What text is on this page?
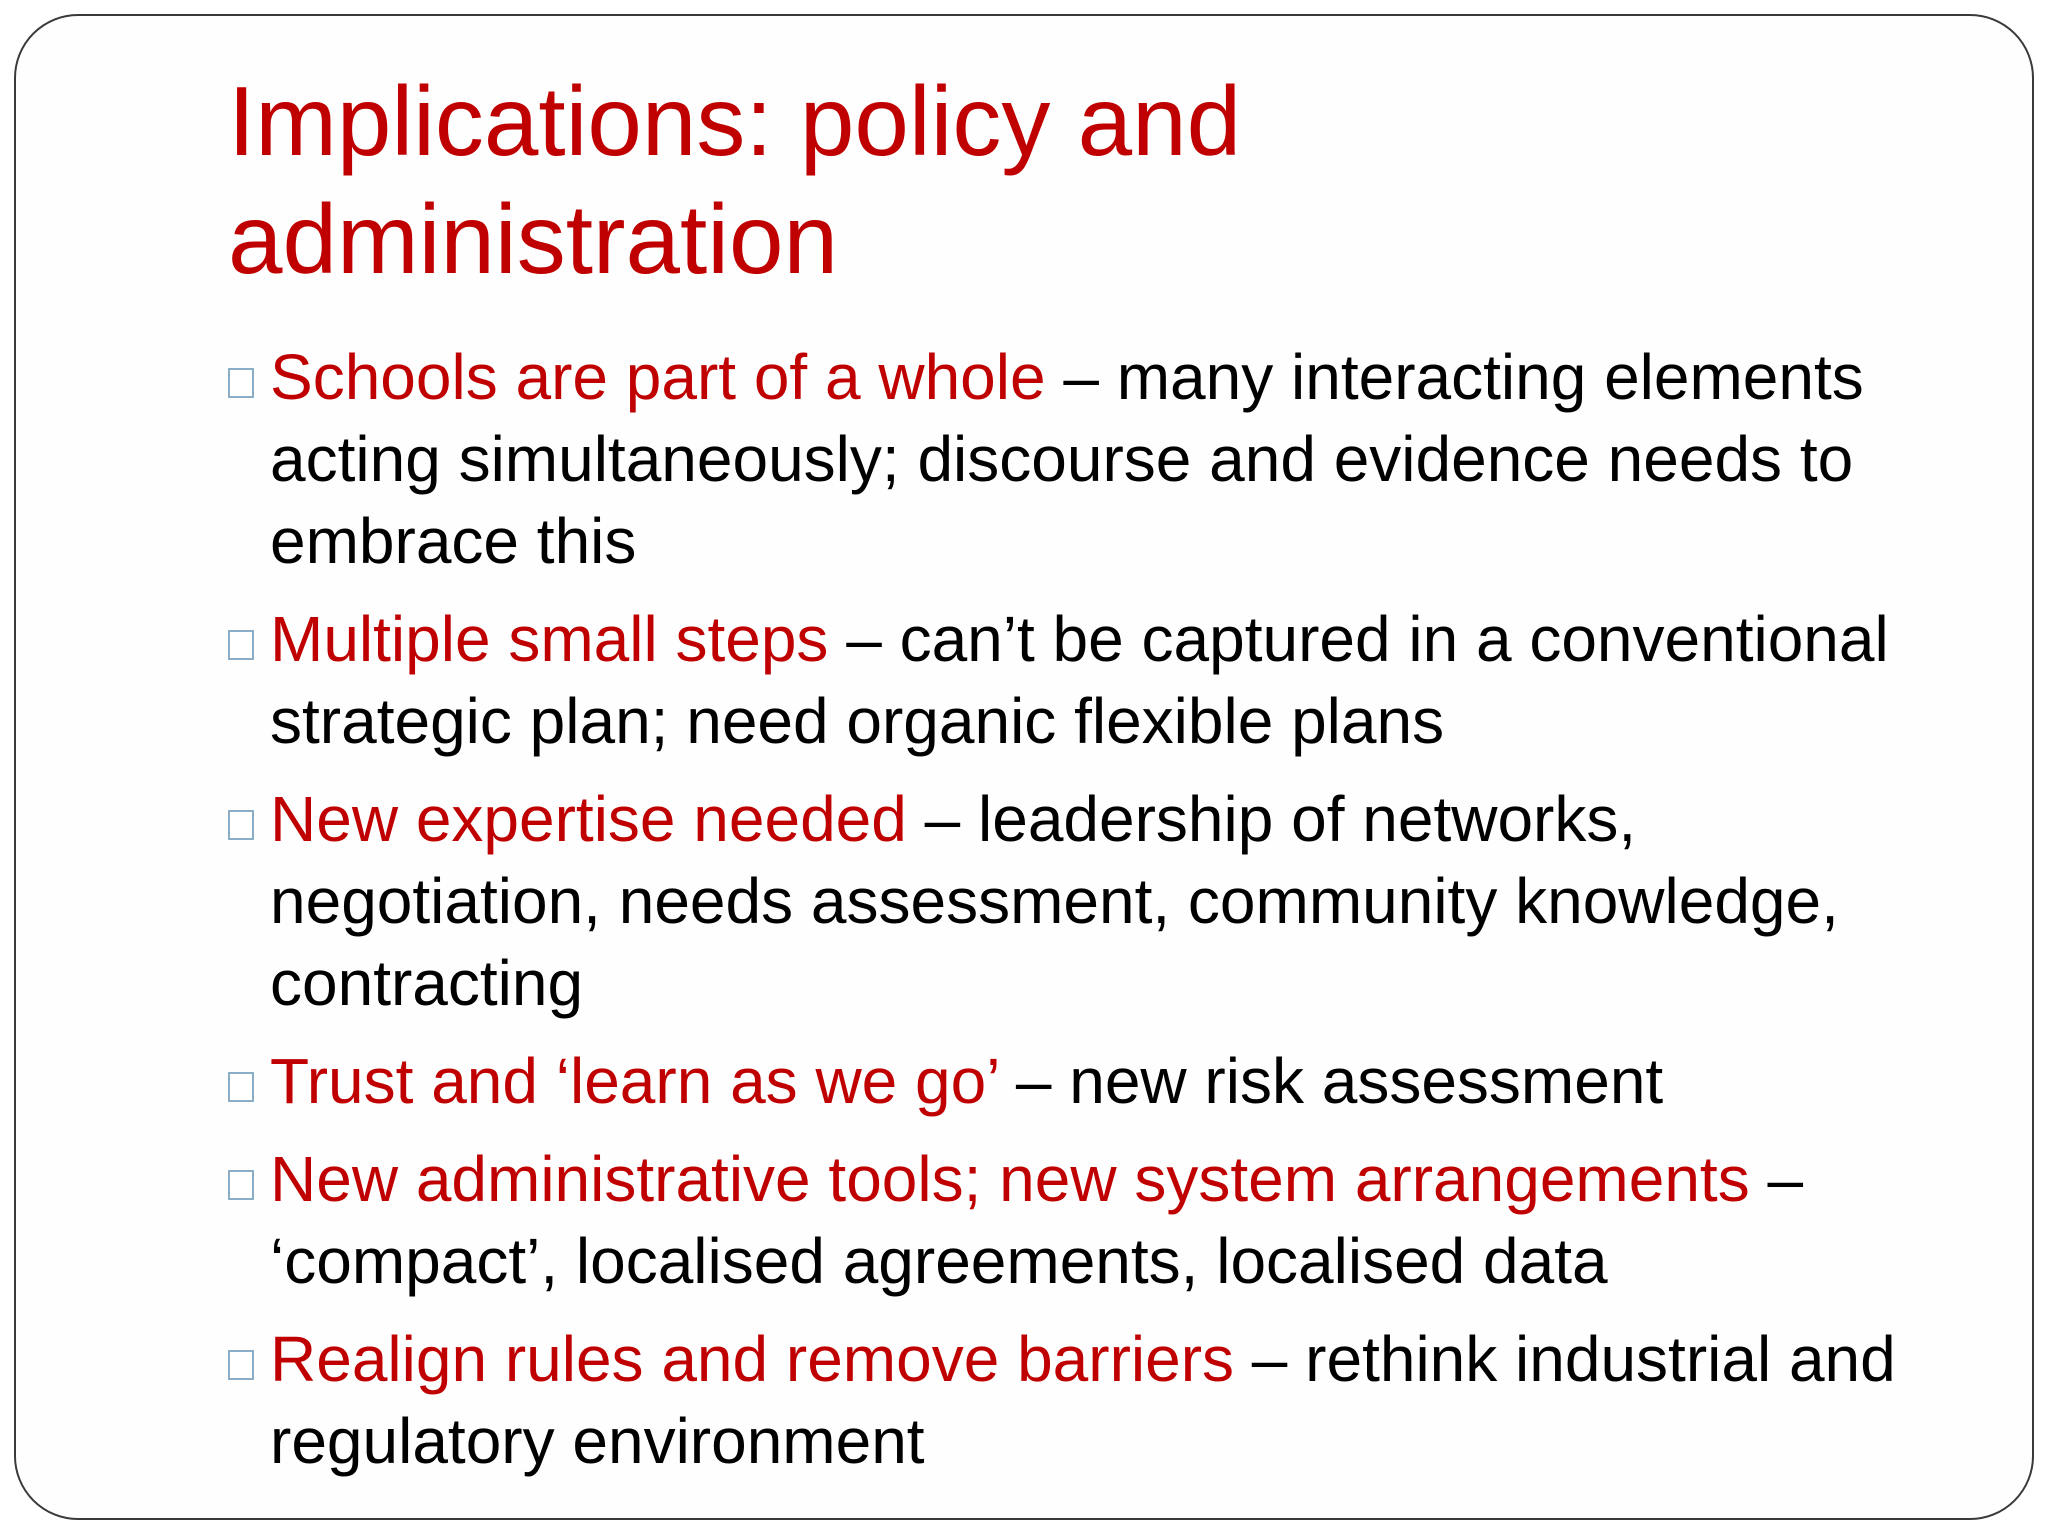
Implications: policy and administration
Schools are part of a whole – many interacting elements acting simultaneously; discourse and evidence needs to embrace this
Multiple small steps – can’t be captured in a conventional strategic plan; need organic flexible plans
New expertise needed – leadership of networks, negotiation, needs assessment, community knowledge, contracting
Trust and ‘learn as we go’ – new risk assessment
New administrative tools; new system arrangements – ‘compact’, localised agreements, localised data
Realign rules and remove barriers – rethink industrial and regulatory environment
